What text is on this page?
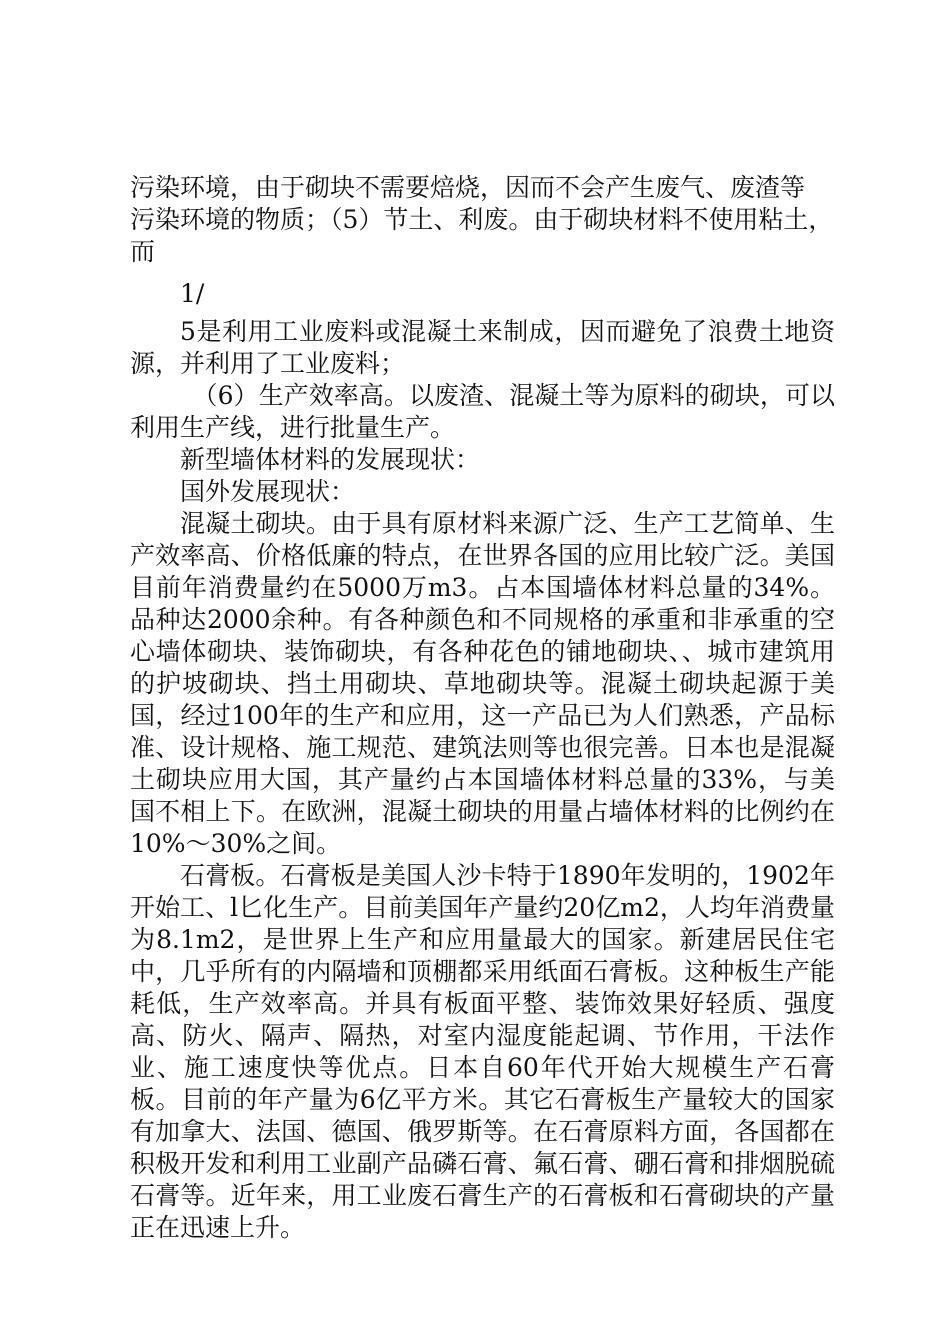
污染环境，由于砌块不需要焙烧，因而不会产生废气、废渣等
污染环境的物质；（5）节土、利废。由于砌块材料不使用粘土，
而
1/

5是利用工业废料或混凝土来制成，因而避免了浪费土地资源，并利用了工业废料；

（6）生产效率高。以废渣、混凝土等为原料的砌块，可以利用生产线，进行批量生产。

新型墙体材料的发展现状：

国外发展现状：

混凝土砌块。由于具有原材料来源广泛、生产工艺简单、生产效率高、价格低廉的特点，在世界各国的应用比较广泛。美国目前年消费量约在5000万m3。占本国墙体材料总量的34%。品种达2000余种。有各种颜色和不同规格的承重和非承重的空心墙体砌块、装饰砌块，有各种花色的铺地砌块、、城市建筑用的护坡砌块、挡土用砌块、草地砌块等。混凝土砌块起源于美国，经过100年的生产和应用，这一产品已为人们熟悉，产品标准、设计规格、施工规范、建筑法则等也很完善。日本也是混凝土砌块应用大国，其产量约占本国墙体材料总量的33%，与美国不相上下。在欧洲，混凝土砌块的用量占墙体材料的比例约在10%～30%之间。

石膏板。石膏板是美国人沙卡特于1890年发明的，1902年开始工、l匕化生产。目前美国年产量约20亿m2，人均年消费量为8.1m2，是世界上生产和应用量最大的国家。新建居民住宅中，几乎所有的内隔墙和顶棚都采用纸面石膏板。这种板生产能耗低，生产效率高。并具有板面平整、装饰效果好轻质、强度高、防火、隔声、隔热，对室内湿度能起调、节作用，干法作业、施工速度快等优点。日本自60年代开始大规模生产石膏板。目前的年产量为6亿平方米。其它石膏板生产量较大的国家有加拿大、法国、德国、俄罗斯等。在石膏原料方面，各国都在积极开发和利用工业副产品磷石膏、氟石膏、硼石膏和排烟脱硫石膏等。近年来，用工业废石膏生产的石膏板和石膏砌块的产量正在迅速上升。
